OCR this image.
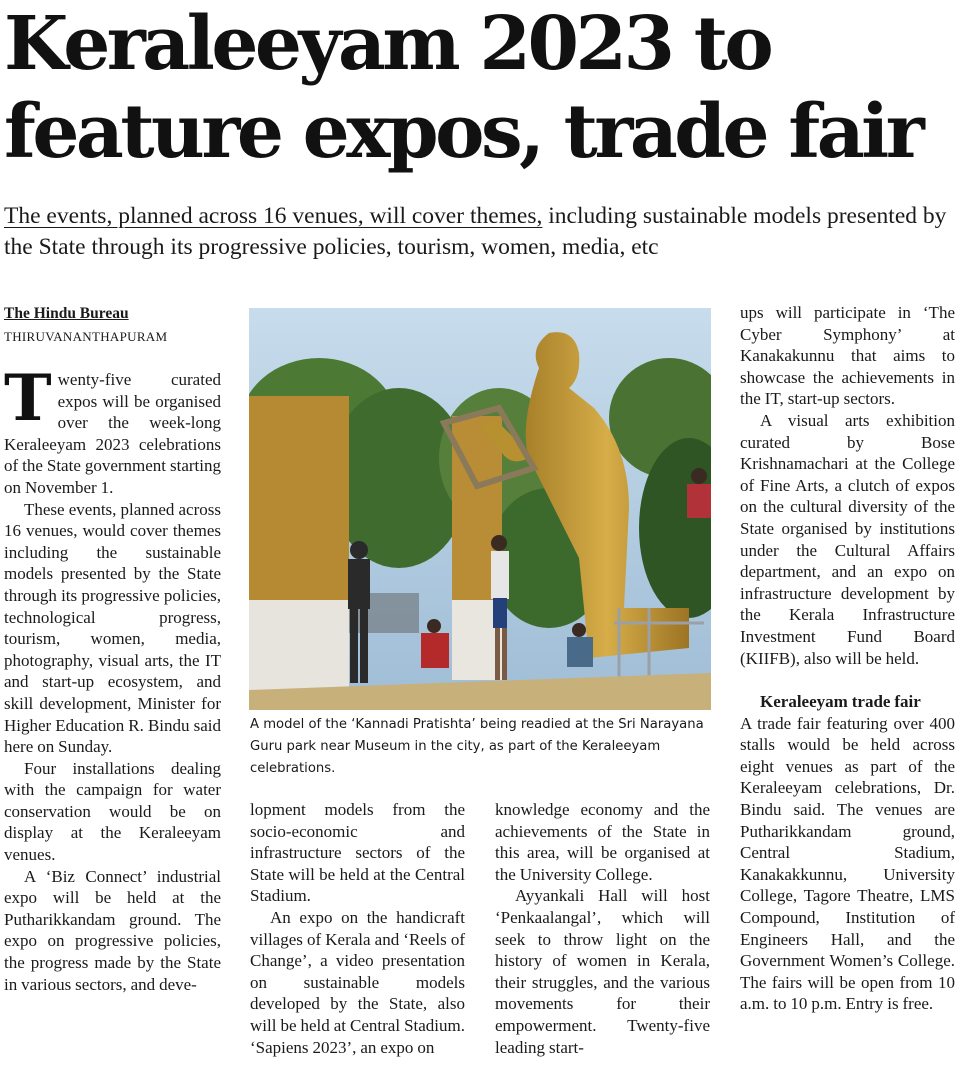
Keraleeyam 2023 to feature expos, trade fair

The events, planned across 16 venues, will cover themes, including sustainable models presented by the State through its progressive policies, tourism, women, media, etc

The Hindu Bureau
THIRUVANANTHAPURAM

Twenty-five curated expos will be organised over the week-long Keraleeyam 2023 celebrations of the State government starting on November 1.

These events, planned across 16 venues, would cover themes including the sustainable models presented by the State through its progressive policies, technological progress, tourism, women, media, photography, visual arts, the IT and start-up ecosystem, and skill development, Minister for Higher Education R. Bindu said here on Sunday.

Four installations dealing with the campaign for water conservation would be on display at the Keraleeyam venues.

A ‘Biz Connect’ industrial expo will be held at the Putharikkandam ground. The expo on progressive policies, the progress made by the State in various sectors, and deve-

A model of the ‘Kannadi Pratishta’ being readied at the Sri Narayana Guru park near Museum in the city, as part of the Keraleeyam celebrations.

lopment models from the socio-economic and infrastructure sectors of the State will be held at the Central Stadium.

An expo on the handicraft villages of Kerala and ‘Reels of Change’, a video presentation on sustainable models developed by the State, also will be held at Central Stadium. ‘Sapiens 2023’, an expo on

knowledge economy and the achievements of the State in this area, will be organised at the University College.

Ayyankali Hall will host ‘Penkaalangal’, which will seek to throw light on the history of women in Kerala, their struggles, and the various movements for their empowerment. Twenty-five leading start-

ups will participate in ‘The Cyber Symphony’ at Kanakakunnu that aims to showcase the achievements in the IT, start-up sectors.

A visual arts exhibition curated by Bose Krishnamachari at the College of Fine Arts, a clutch of expos on the cultural diversity of the State organised by institutions under the Cultural Affairs department, and an expo on infrastructure development by the Kerala Infrastructure Investment Fund Board (KIIFB), also will be held.

Keraleeyam trade fair

A trade fair featuring over 400 stalls would be held across eight venues as part of the Keraleeyam celebrations, Dr. Bindu said. The venues are Putharikkandam ground, Central Stadium, Kanakakkunnu, University College, Tagore Theatre, LMS Compound, Institution of Engineers Hall, and the Government Women’s College. The fairs will be open from 10 a.m. to 10 p.m. Entry is free.
